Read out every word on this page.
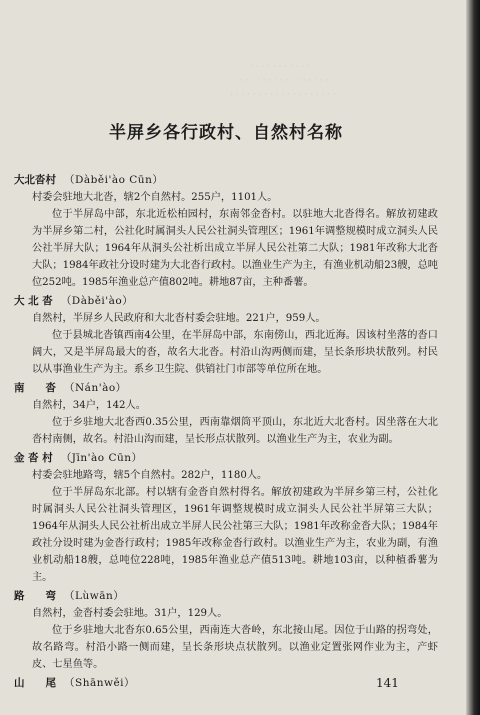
· · · · · · · · · · ·
· · · · · · · · · · · · · · · · · ·
· · · · · · · · · · · · · · · · · · ·
半屏乡各行政村、自然村名称
大北沓村 （Dàběi'ào Cūn）
村委会驻地大北沓，辖2个自然村。255户，1101人。
位于半屏岛中部，东北近松柏园村，东南邻金沓村。以驻地大北沓得名。解放初建政为半屏乡第二村，公社化时属洞头人民公社洞头管理区；1961年调整规模时成立洞头人民公社半屏大队；1964年从洞头公社析出成立半屏人民公社第二大队；1981年改称大北沓大队；1984年政社分设时建为大北沓行政村。以渔业生产为主，有渔业机动船23艘，总吨位252吨。1985年渔业总产值802吨。耕地87亩，主种番薯。
大 北 沓 （Dàběi'ào）
自然村，半屏乡人民政府和大北沓村委会驻地。221户，959人。
位于县城北沓镇西南4公里，在半屏岛中部，东南傍山，西北近海。因该村坐落的沓口阔大，又是半屏岛最大的沓，故名大北沓。村沿山沟两侧而建，呈长条形块状散列。村民以从事渔业生产为主。系乡卫生院、供销社门市部等单位所在地。
南　　沓 （Nán'ào）
自然村，34户，142人。
位于乡驻地大北沓西0.35公里，西南靠烟筒平顶山，东北近大北沓村。因坐落在大北沓村南侧，故名。村沿山沟而建，呈长形点状散列。以渔业生产为主，农业为副。
金 沓 村 （Jīn'ào Cūn）
村委会驻地路弯，辖5个自然村。282户，1180人。
位于半屏岛东北部。村以辖有金沓自然村得名。解放初建政为半屏乡第三村，公社化时属洞头人民公社洞头管理区，1961年调整规模时成立洞头人民公社半屏第三大队；1964年从洞头人民公社析出成立半屏人民公社第三大队；1981年改称金沓大队；1984年政社分设时建为金沓行政村；1985年改称金沓行政村。以渔业生产为主，农业为副，有渔业机动船18艘，总吨位228吨，1985年渔业总产值513吨。耕地103亩，以种植番薯为主。
路　　弯 （Lùwān）
自然村，金沓村委会驻地。31户，129人。
位于乡驻地大北沓东0.65公里，西南连大沓岭，东北接山尾。因位于山路的拐弯处，故名路弯。村沿小路一侧而建，呈长条形块点状散列。以渔业定置张网作业为主，产虾皮、七星鱼等。
山　　尾 （Shānwěi）	141
